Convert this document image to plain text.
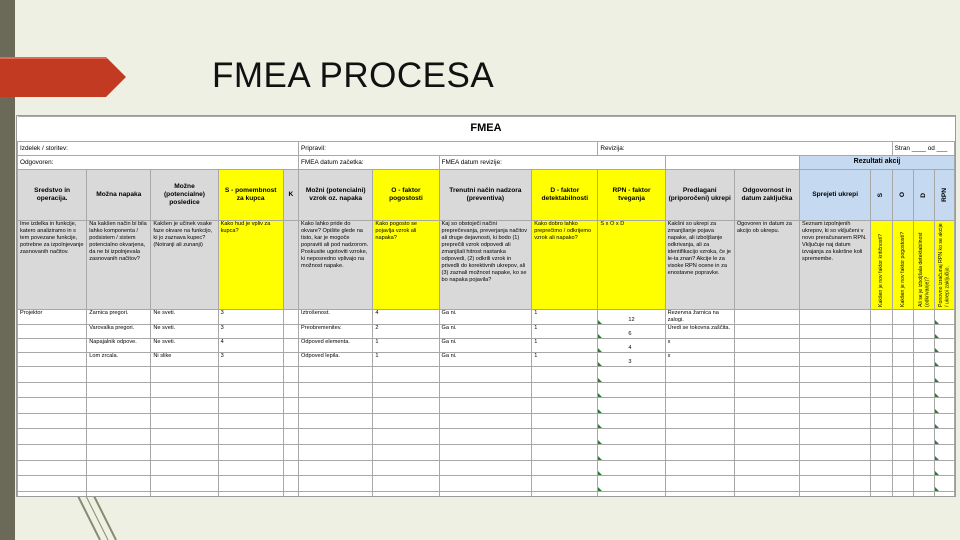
FMEA PROCESA
FMEA																
Izdelek / storitev:					Pripravil:				Revizija:					Stran ____ od ___		
Odgovoren:					FMEA datum začetka:		FMEA datum revizije:					Rezultati akcij				
Sredstvo in operacija.	Možna napaka	Možne (potencialne) posledice	S - pomembnost za kupca	K	Možni (potencialni) vzrok oz. napaka	O - faktor pogostosti	Trenutni način nadzora (preventiva)	D - faktor detektabilnosti	RPN - faktor tveganja	Predlagani (priporočeni) ukrepi	Odgovornost in datum zaključka	Sprejeti ukrepi	S	O	D	RPN

Ime izdelka in funkcije, katero analiziramo in s tem povezane funkcije, potrebne za izpolnjevanje zasnovanih načitov.	Na kakšen način bi bila lahko komponenta / podsistem / sistem potencialno okvarjena, da ne bi izpolnjevala zasnovanih načitov?	Kakšen je učinek vsake faze okvare na funkcijo, ki jo zaznava kupec? (Notranji ali zunanji)	Kako hud je vpliv za kupca?		Kako lahko pride do okvare? Opišite glede na tisto, kar je mogoče popraviti ali pod nadzorom. Poskusite ugotoviti vzroke, ki neposredno vplivajo na možnost napake.	Kako pogosto se pojavlja vzrok ali napaka?	Kaj so obstoječi načini preprečevanja, preverjanja načitov ali druge dejavnosti, ki bodo (1) preprečili vzrok odpovedi ali zmanjšali hitrost nastanka odpovedi, (2) odkrili vzrok in privedli do korektivnih ukrepov, ali (3) zaznali možnost napake, ko se bo napaka pojavila?	Kako dobro lahko preprečimo / odkrijemo vzrok ali napako?	S x O x D	Kakšni so ukrepi za zmanjšanje pojava napake, ali izboljšanje odkrivanja, ali za identifikacijo vzroka, če je le-ta znan? Akcije le za visoke RPN ocene in za enostavne popravke.	Ogovoren in datum za akcijo ob ukrepu.	Seznam izpolnjenih ukrepov, ki so vključeni v novo preračunanem RPN. Vključuje naj datum izvajanja za kakršne koli spremembe.	Kakšen je nov faktor kritičnosti?	Kakšen je nov faktor pogostosti?	Ali se je izboljšala detektabilnost (odkrivanje)?	Ponovno izračunaj RPN ko se akcije / ukrepi zaključijo.

Projektor	Žarnica pregori.	Ne sveti.	3		Iztrošenost.	4	Ga ni.	1	12	Rezervna žarnica na zalogi.						
	Varovalka pregori.	Ne sveti.	3		Preobremenitev.	2	Ga ni.	1	6	Uredi se tokovna zaščita.						
	Napajalnik odpove.	Ne sveti.	4		Odpoved elementa.	1	Ga ni.	1	4	x						
	Lom zrcala.	Ni slike	3		Odpoved lepila.	1	Ga ni.	1	3	x						
